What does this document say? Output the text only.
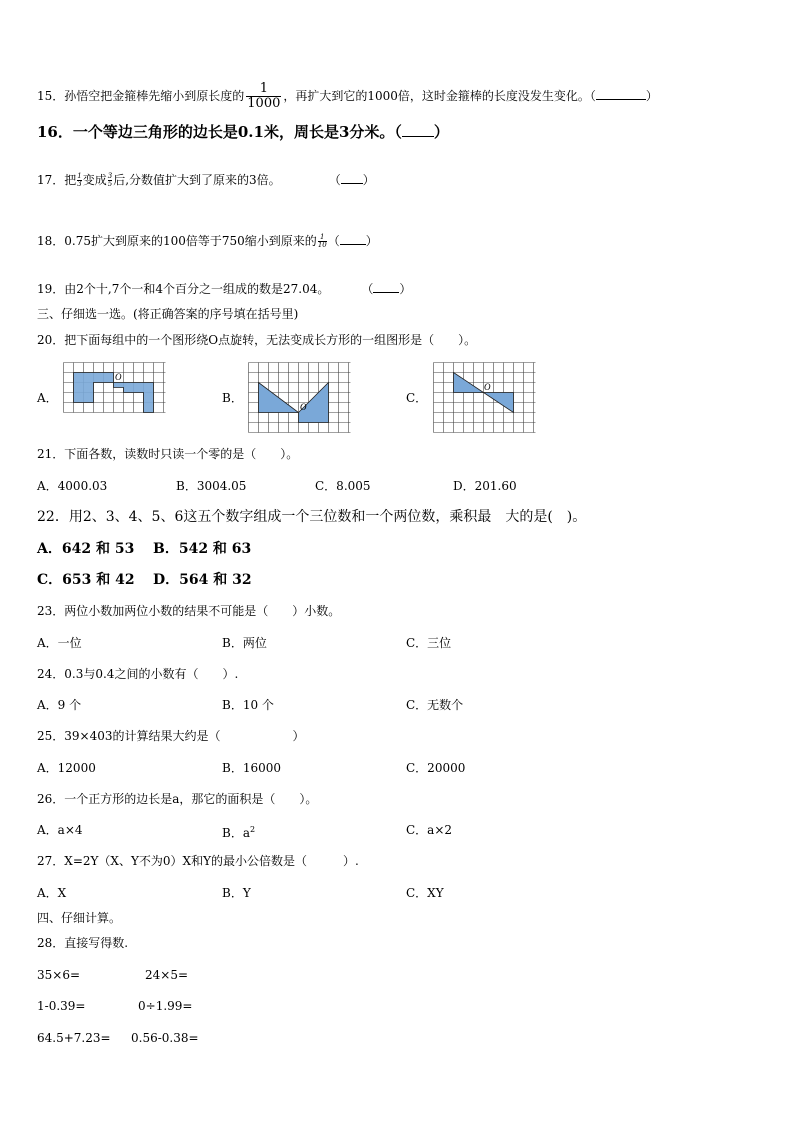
15．孙悟空把金箍棒先缩小到原长度的 $\frac{1}{1000}$ ，再扩大到它的1000倍，这时金箍棒的长度没发生变化。（	）
16．一个等边三角形的边长是0.1米，周长是3分米。（ ）
17．把 $\frac{1}{3}$ 变成 $\frac{3}{5}$ 后,分数值扩大到了原来的3倍。	（ ）
18．0.75扩大到原来的100倍等于750缩小到原来的 $\frac{1}{10}$ （ ）
19．由2个十,7个一和4个百分之一组成的数是27.04。	（ ）
三、仔细选一选。(将正确答案的序号填在括号里)
20．把下面每组中的一个图形绕O点旋转，无法变成长方形的一组图形是（　　）。
A．
O
B．
O
C．
O
21．下面各数，读数时只读一个零的是（　　）。
A．4000.03	B．3004.05	C．8.005	D．201.60
22．用2、3、4、5、6这五个数字组成一个三位数和一个两位数，乘积最　大的是(　)。
A．642 和 53 B．542 和 63
C．653 和 42 D．564 和 32
23．两位小数加两位小数的结果不可能是（　　）小数。
A．一位	B．两位	C．三位
24．0.3与0.4之间的小数有（　　）.
A．9 个	B．10 个	C．无数个
25．39×403的计算结果大约是（　　　　　　）
A．12000	B．16000	C．20000
26．一个正方形的边长是a，那它的面积是（　　）。
A．a×4	B．$a^2$	C．a×2
27．X=2Y（X、Y不为0）X和Y的最小公倍数是（　　　）.
A．X	B．Y	C．XY
四、仔细计算。
28．直接写得数.
35×6=	24×5=
1-0.39=	0÷1.99=
64.5+7.23= 0.56-0.38=
